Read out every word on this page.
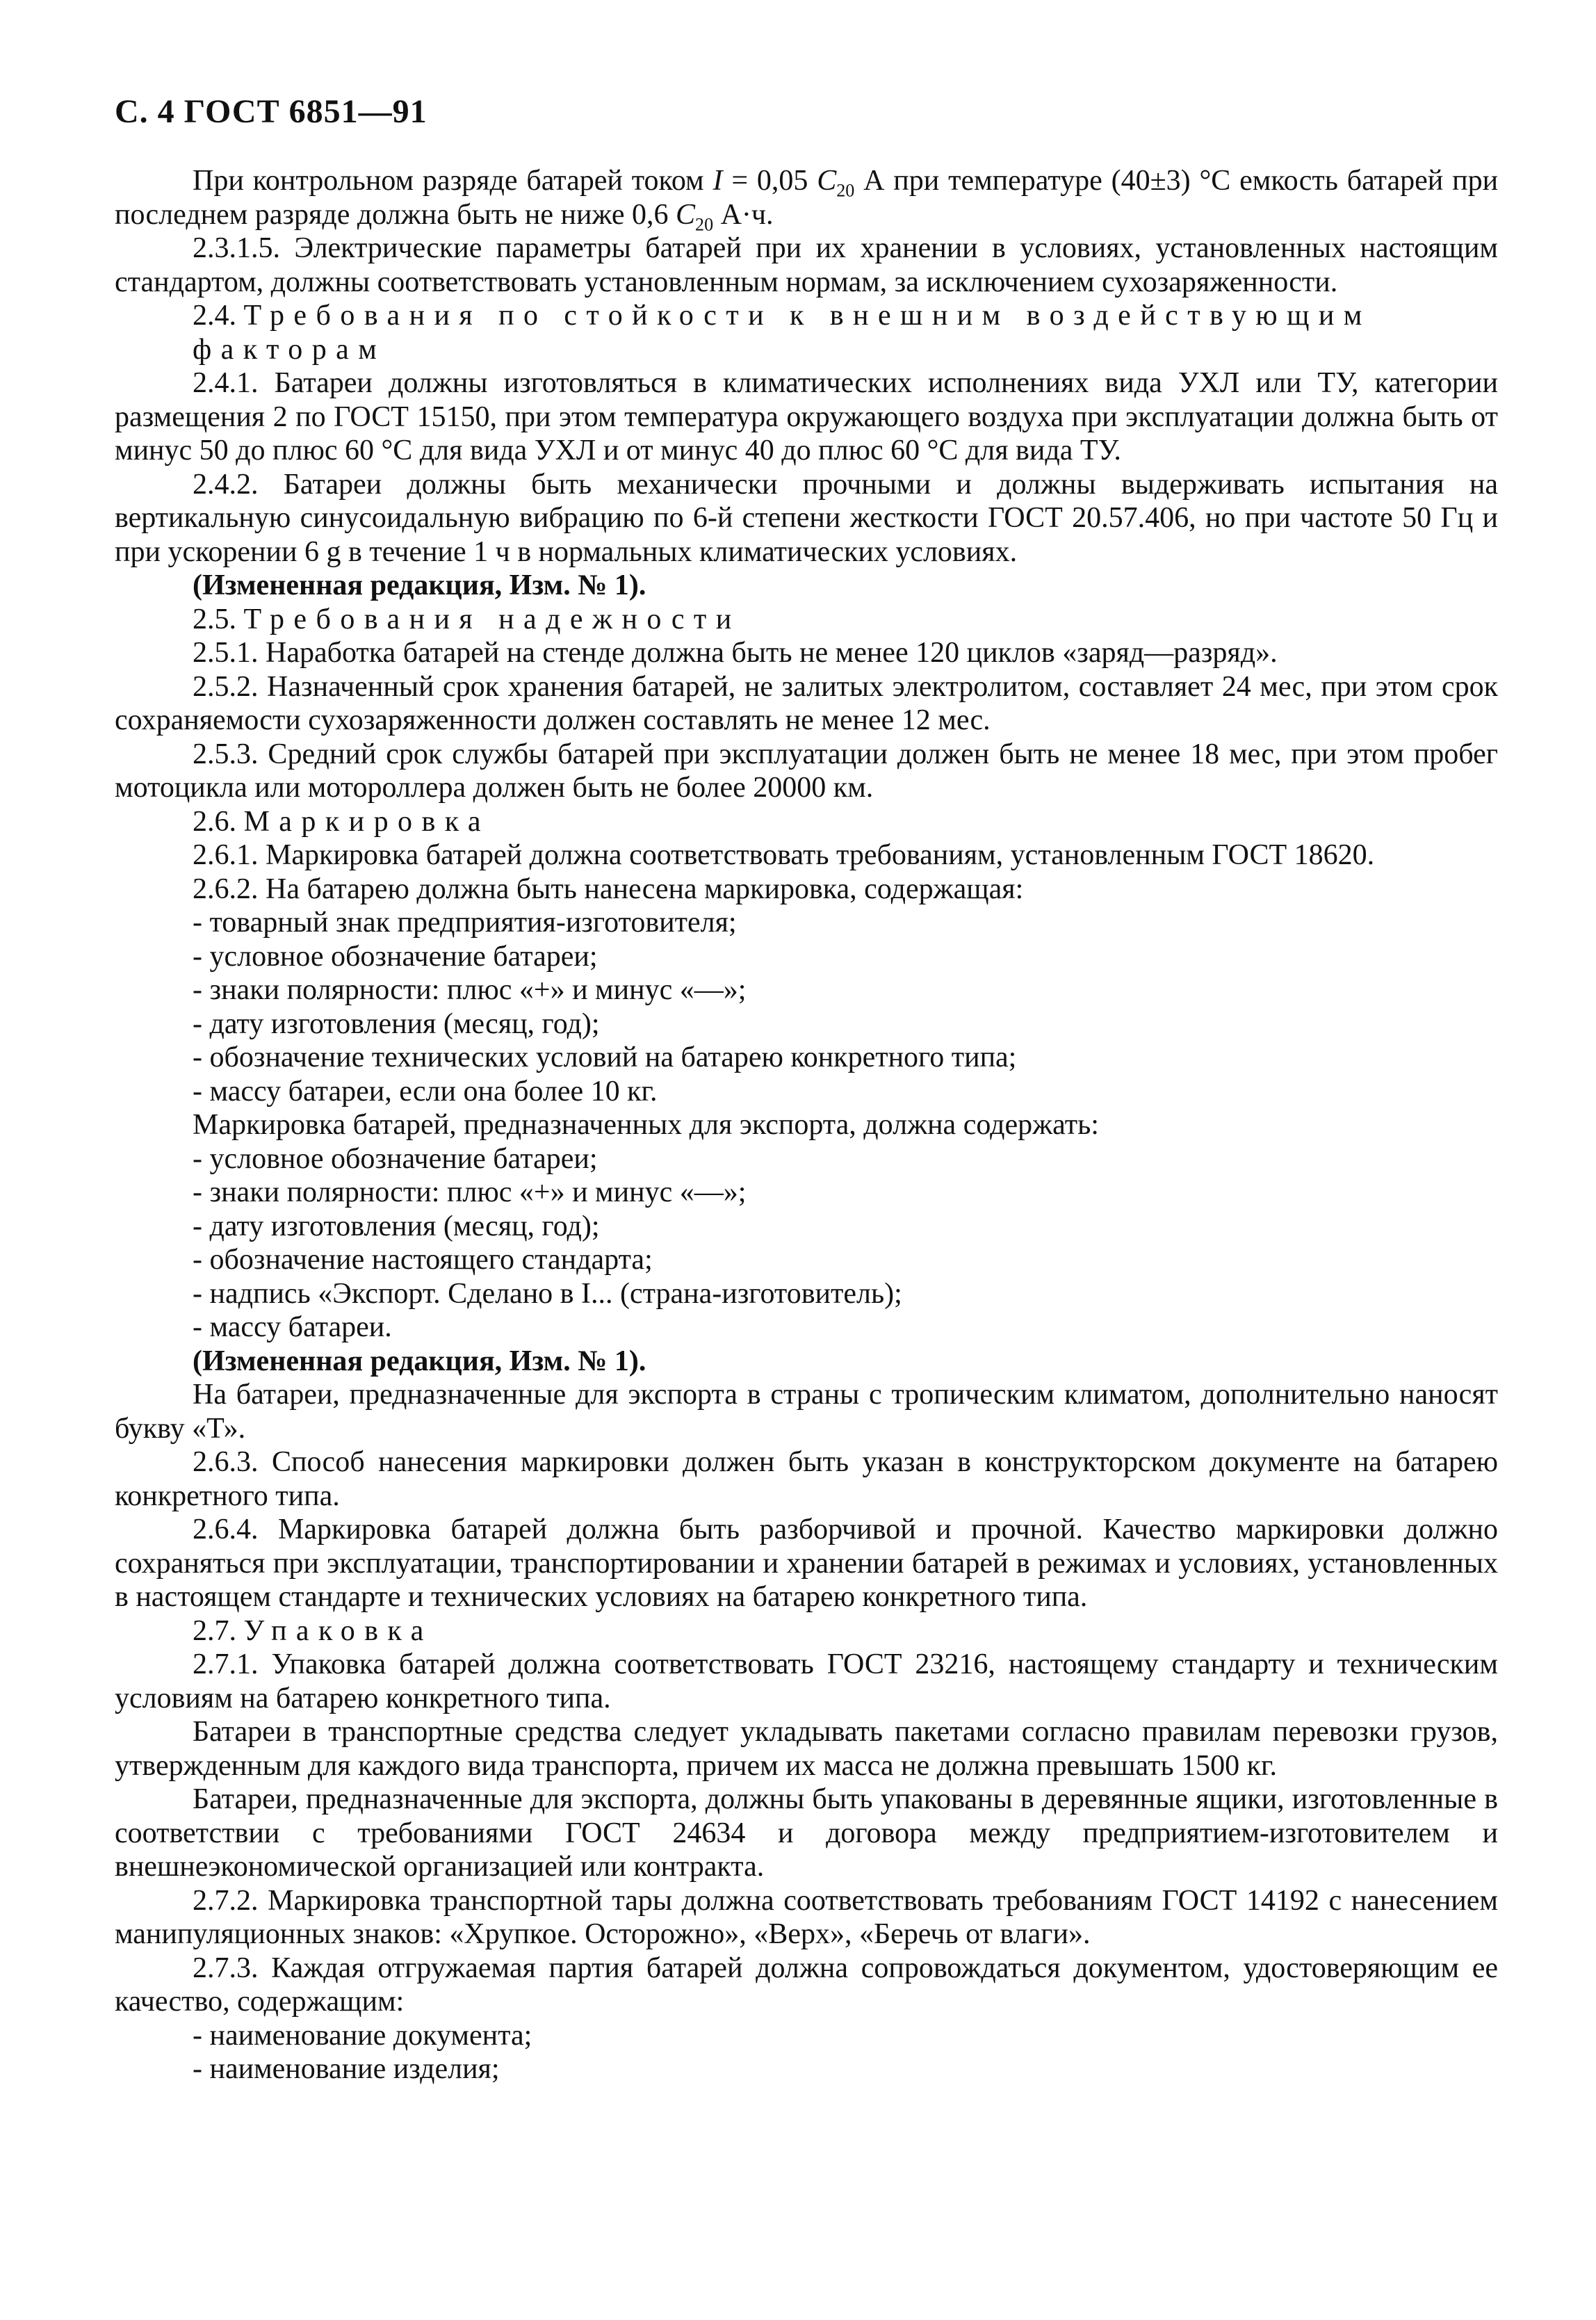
С. 4 ГОСТ 6851—91

При контрольном разряде батарей током I = 0,05 $C_{20}$ А при температуре (40±3) °С емкость батарей при последнем разряде должна быть не ниже 0,6 $C_{20}$ А·ч.

2.3.1.5. Электрические параметры батарей при их хранении в условиях, установленных настоящим стандартом, должны соответствовать установленным нормам, за исключением сухозаряженности.

2.4. Требования по стойкости к внешним воздействующим факторам

2.4.1. Батареи должны изготовляться в климатических исполнениях вида УХЛ или ТУ, категории размещения 2 по ГОСТ 15150, при этом температура окружающего воздуха при эксплуатации должна быть от минус 50 до плюс 60 °С для вида УХЛ и от минус 40 до плюс 60 °С для вида ТУ.

2.4.2. Батареи должны быть механически прочными и должны выдерживать испытания на вертикальную синусоидальную вибрацию по 6-й степени жесткости ГОСТ 20.57.406, но при частоте 50 Гц и при ускорении 6 g в течение 1 ч в нормальных климатических условиях.

(Измененная редакция, Изм. № 1).

2.5. Требования надежности

2.5.1. Наработка батарей на стенде должна быть не менее 120 циклов «заряд—разряд».

2.5.2. Назначенный срок хранения батарей, не залитых электролитом, составляет 24 мес, при этом срок сохраняемости сухозаряженности должен составлять не менее 12 мес.

2.5.3. Средний срок службы батарей при эксплуатации должен быть не менее 18 мес, при этом пробег мотоцикла или мотороллера должен быть не более 20000 км.

2.6. Маркировка

2.6.1. Маркировка батарей должна соответствовать требованиям, установленным ГОСТ 18620.

2.6.2. На батарею должна быть нанесена маркировка, содержащая:

- товарный знак предприятия-изготовителя;

- условное обозначение батареи;

- знаки полярности: плюс «+» и минус «—»;

- дату изготовления (месяц, год);

- обозначение технических условий на батарею конкретного типа;

- массу батареи, если она более 10 кг.

Маркировка батарей, предназначенных для экспорта, должна содержать:

- условное обозначение батареи;

- знаки полярности: плюс «+» и минус «—»;

- дату изготовления (месяц, год);

- обозначение настоящего стандарта;

- надпись «Экспорт. Сделано в I... (страна-изготовитель);

- массу батареи.

(Измененная редакция, Изм. № 1).

На батареи, предназначенные для экспорта в страны с тропическим климатом, дополнительно наносят букву «Т».

2.6.3. Способ нанесения маркировки должен быть указан в конструкторском документе на батарею конкретного типа.

2.6.4. Маркировка батарей должна быть разборчивой и прочной. Качество маркировки должно сохраняться при эксплуатации, транспортировании и хранении батарей в режимах и условиях, установленных в настоящем стандарте и технических условиях на батарею конкретного типа.

2.7. Упаковка

2.7.1. Упаковка батарей должна соответствовать ГОСТ 23216, настоящему стандарту и техническим условиям на батарею конкретного типа.

Батареи в транспортные средства следует укладывать пакетами согласно правилам перевозки грузов, утвержденным для каждого вида транспорта, причем их масса не должна превышать 1500 кг.

Батареи, предназначенные для экспорта, должны быть упакованы в деревянные ящики, изготовленные в соответствии с требованиями ГОСТ 24634 и договора между предприятием-изготовителем и внешнеэкономической организацией или контракта.

2.7.2. Маркировка транспортной тары должна соответствовать требованиям ГОСТ 14192 с нанесением манипуляционных знаков: «Хрупкое. Осторожно», «Верх», «Беречь от влаги».

2.7.3. Каждая отгружаемая партия батарей должна сопровождаться документом, удостоверяющим ее качество, содержащим:

- наименование документа;

- наименование изделия;
